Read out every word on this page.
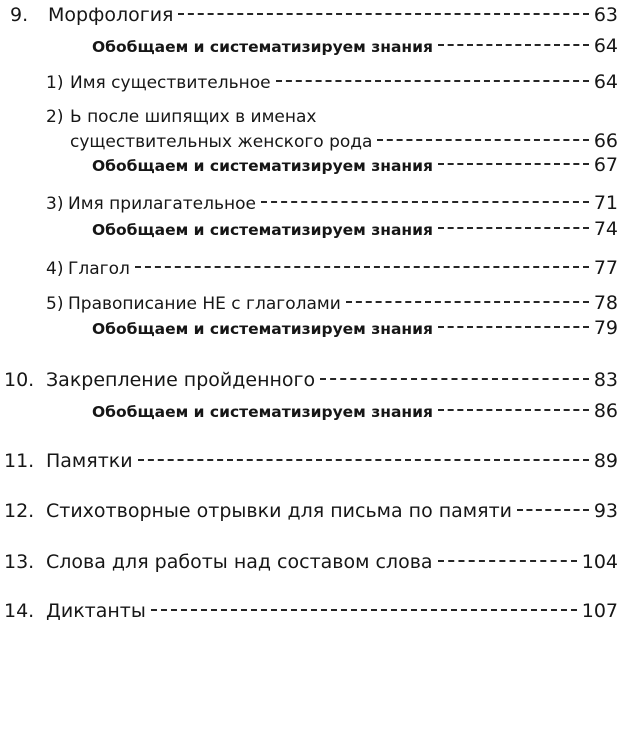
9.	Морфология	63
Обобщаем и систематизируем знания	64
1) Имя существительное	64
2) Ь после шипящих в именах
существительных женского рода	66
Обобщаем и систематизируем знания	67
3) Имя прилагательное	71
Обобщаем и систематизируем знания	74
4) Глагол	77
5) Правописание НЕ с глаголами	78
Обобщаем и систематизируем знания	79
10. Закрепление пройденного	83
Обобщаем и систематизируем знания	86
11. Памятки	89
12. Стихотворные отрывки для письма по памяти	93
13. Слова для работы над составом слова	104
14. Диктанты	107
